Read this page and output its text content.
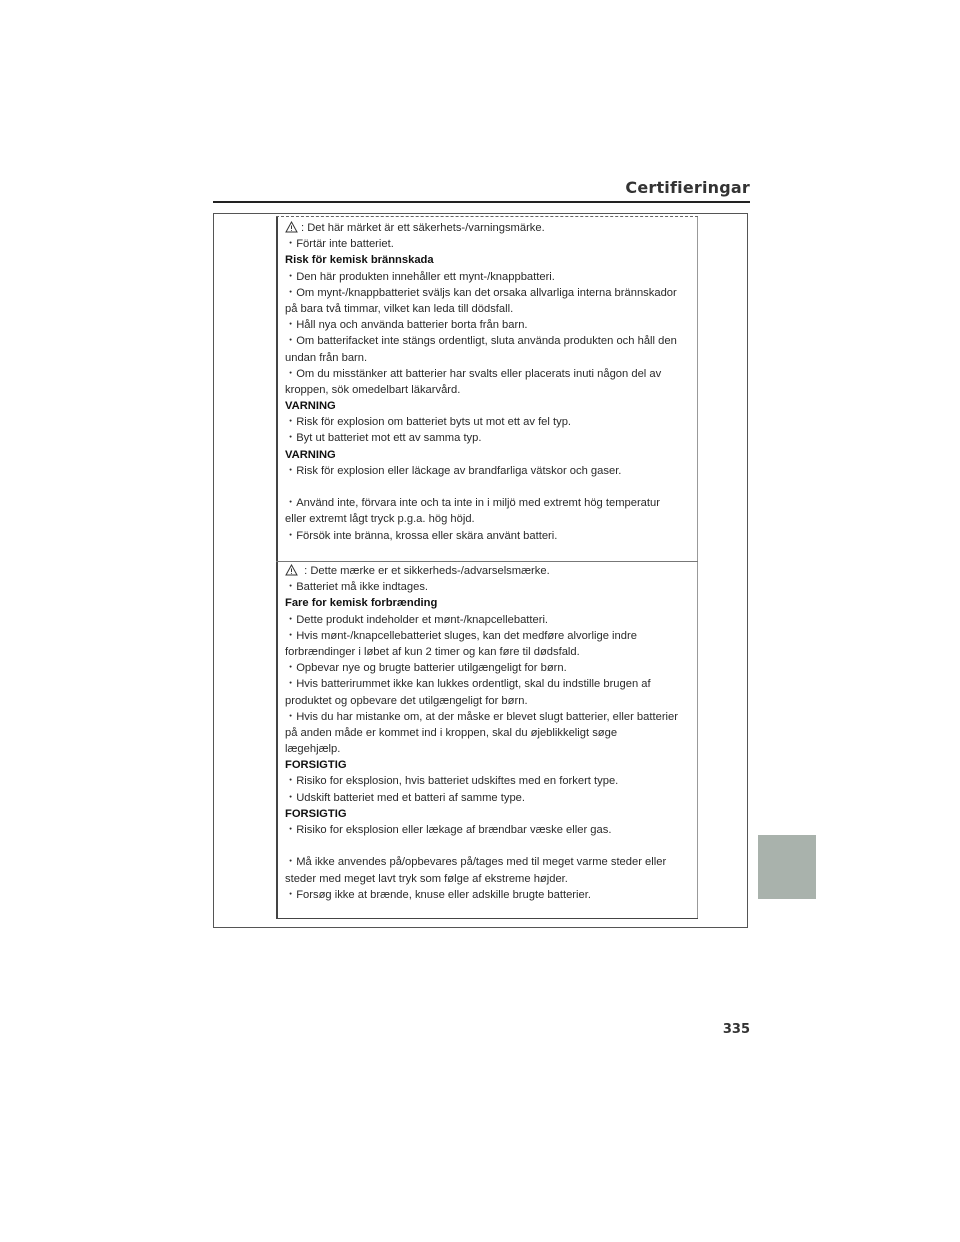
Certifieringar
: Det här märket är ett säkerhets-/varningsmärke.
・Förtär inte batteriet.
Risk för kemisk brännskada
・Den här produkten innehåller ett mynt-/knappbatteri.
・Om mynt-/knappbatteriet sväljs kan det orsaka allvarliga interna brännskador
på bara två timmar, vilket kan leda till dödsfall.
・Håll nya och använda batterier borta från barn.
・Om batterifacket inte stängs ordentligt, sluta använda produkten och håll den
undan från barn.
・Om du misstänker att batterier har svalts eller placerats inuti någon del av
kroppen, sök omedelbart läkarvård.
VARNING
・Risk för explosion om batteriet byts ut mot ett av fel typ.
・Byt ut batteriet mot ett av samma typ.
VARNING
・Risk för explosion eller läckage av brandfarliga vätskor och gaser.
・Använd inte, förvara inte och ta inte in i miljö med extremt hög temperatur
eller extremt lågt tryck p.g.a. hög höjd.
・Försök inte bränna, krossa eller skära använt batteri.
: Dette mærke er et sikkerheds-/advarselsmærke.
・Batteriet må ikke indtages.
Fare for kemisk forbrænding
・Dette produkt indeholder et mønt-/knapcellebatteri.
・Hvis mønt-/knapcellebatteriet sluges, kan det medføre alvorlige indre
forbrændinger i løbet af kun 2 timer og kan føre til dødsfald.
・Opbevar nye og brugte batterier utilgængeligt for børn.
・Hvis batterirummet ikke kan lukkes ordentligt, skal du indstille brugen af
produktet og opbevare det utilgængeligt for børn.
・Hvis du har mistanke om, at der måske er blevet slugt batterier, eller batterier
på anden måde er kommet ind i kroppen, skal du øjeblikkeligt søge
lægehjælp.
FORSIGTIG
・Risiko for eksplosion, hvis batteriet udskiftes med en forkert type.
・Udskift batteriet med et batteri af samme type.
FORSIGTIG
・Risiko for eksplosion eller lækage af brændbar væske eller gas.
・Må ikke anvendes på/opbevares på/tages med til meget varme steder eller
steder med meget lavt tryk som følge af ekstreme højder.
・Forsøg ikke at brænde, knuse eller adskille brugte batterier.
335
